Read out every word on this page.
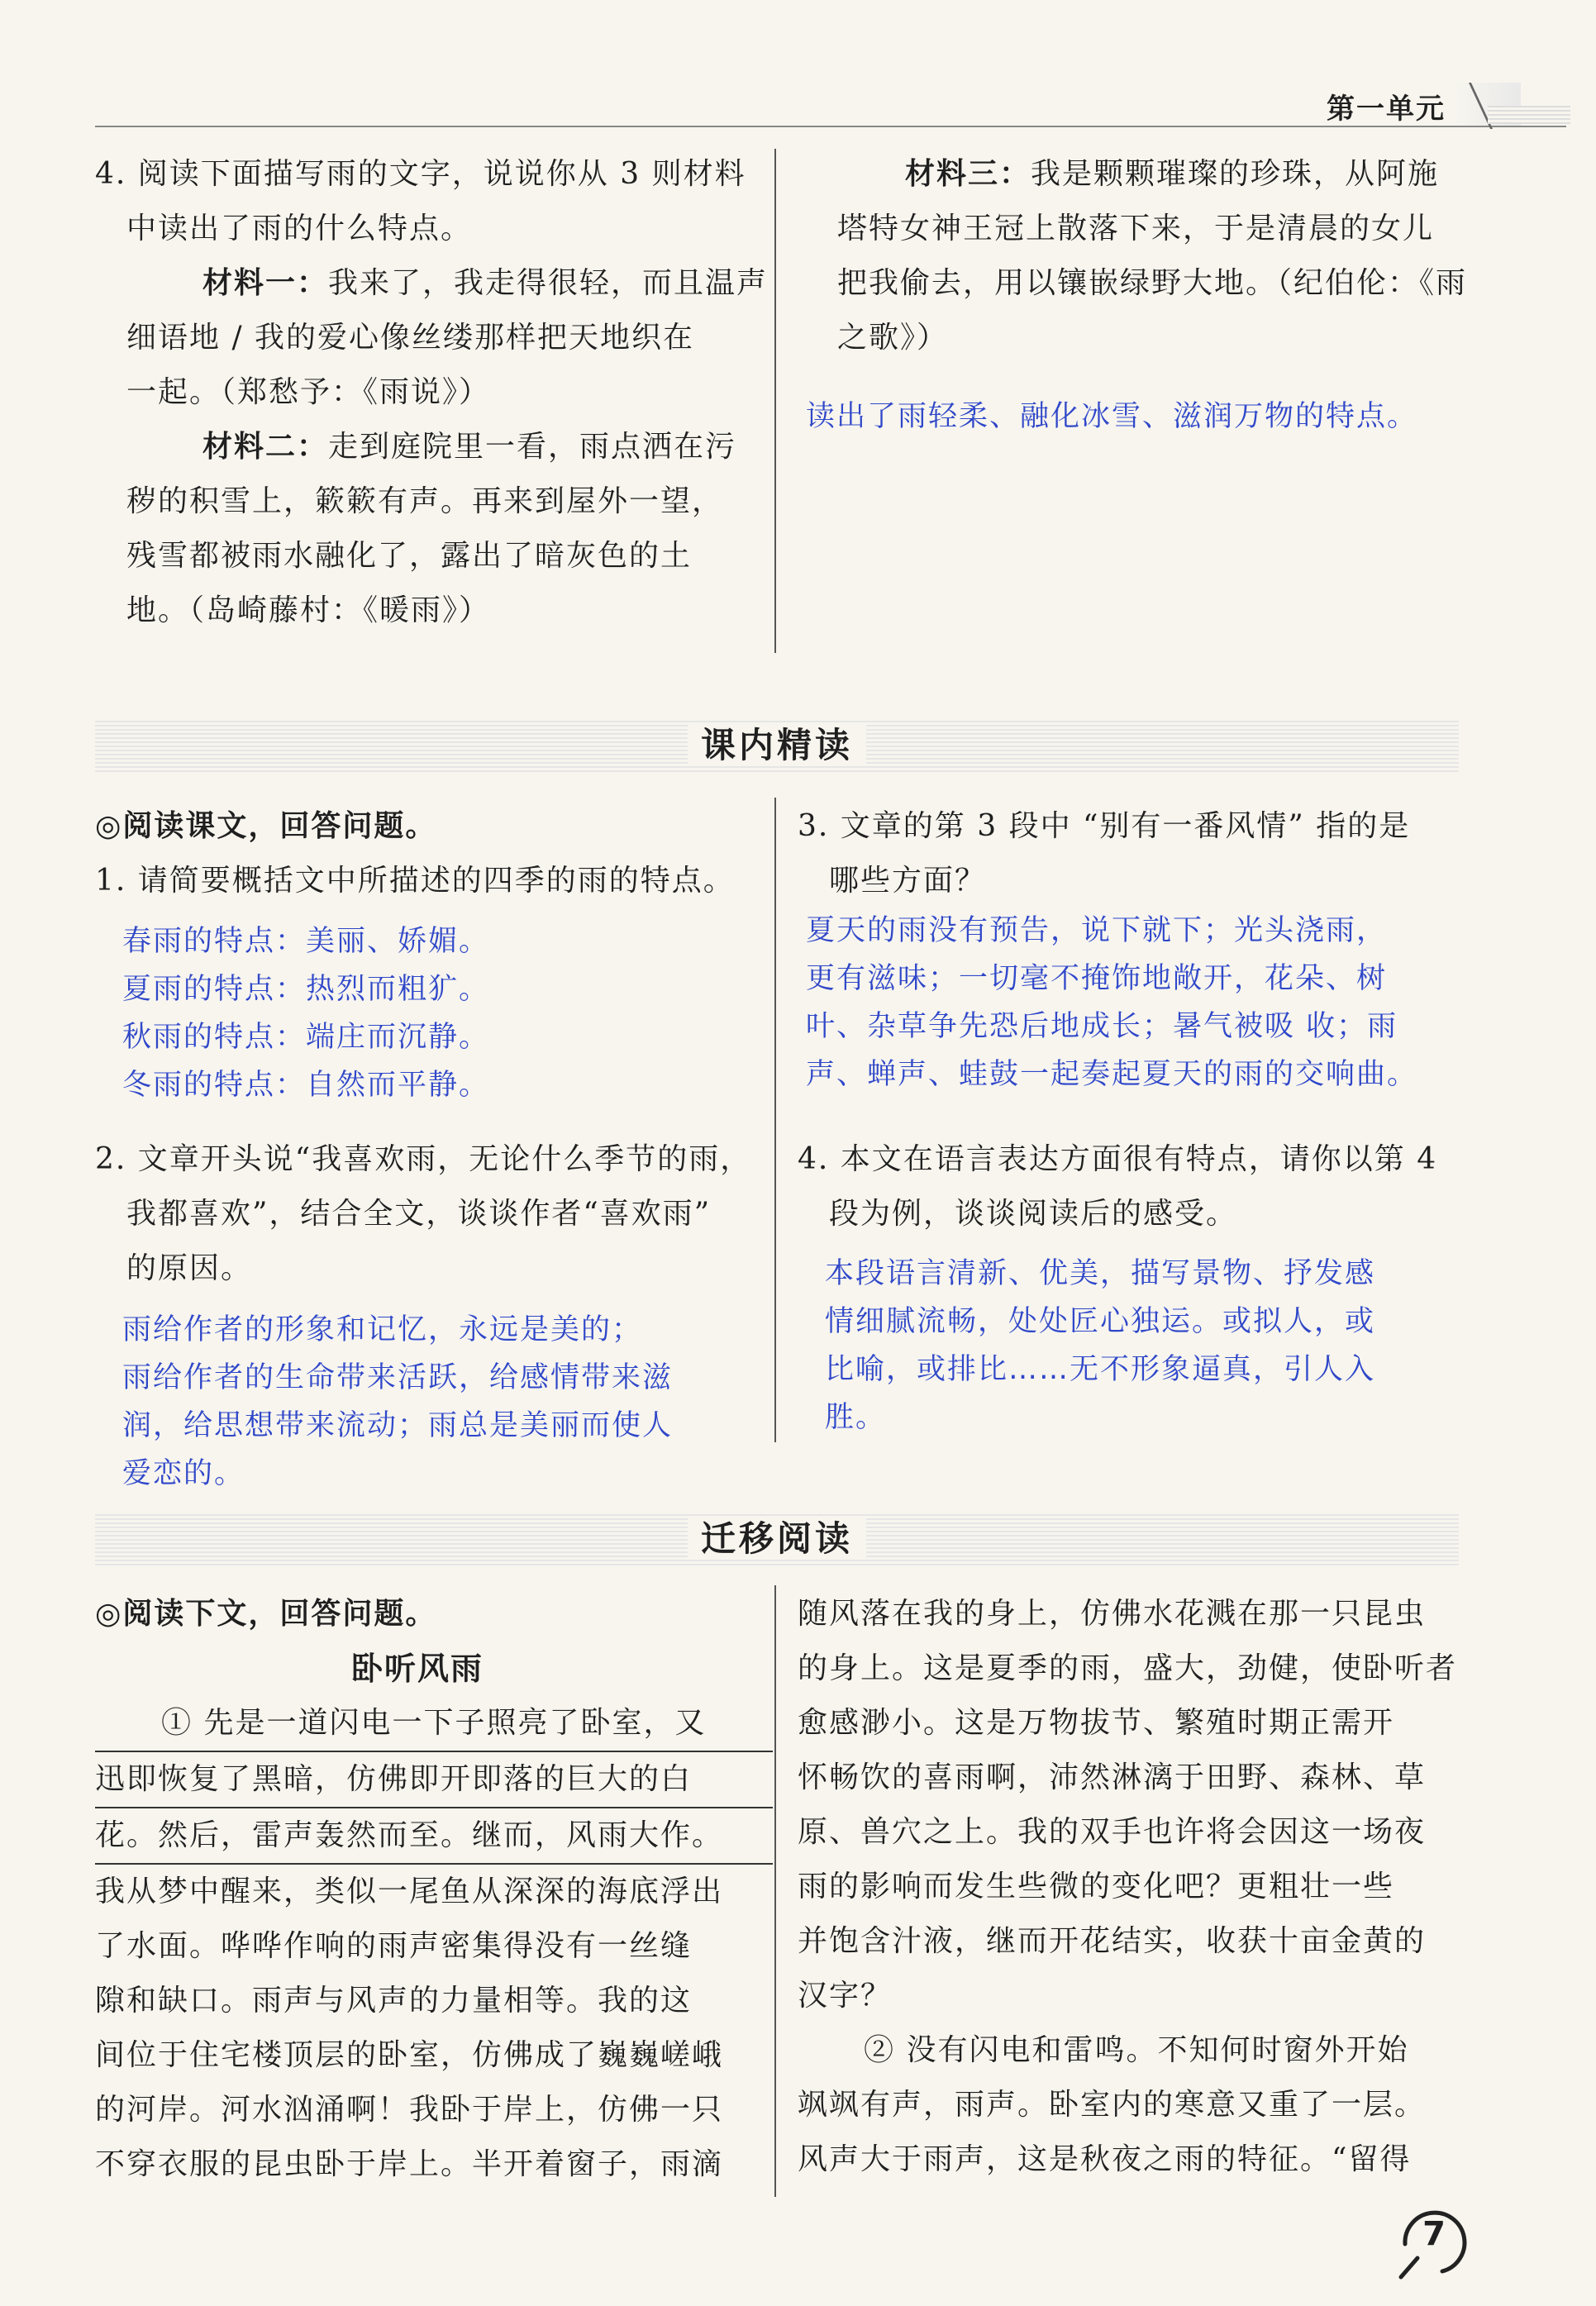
第一单元
4. 阅读下面描写雨的文字，说说你从 3 则材料
中读出了雨的什么特点。
材料一：我来了，我走得很轻，而且温声
细语地 / 我的爱心像丝缕那样把天地织在
一起。（郑愁予：《雨说》）
材料二：走到庭院里一看，雨点洒在污
秽的积雪上，簌簌有声。再来到屋外一望，
残雪都被雨水融化了，露出了暗灰色的土
地。（岛崎藤村：《暖雨》）
材料三：我是颗颗璀璨的珍珠，从阿施
塔特女神王冠上散落下来，于是清晨的女儿
把我偷去，用以镶嵌绿野大地。（纪伯伦：《雨
之歌》）
读出了雨轻柔、融化冰雪、滋润万物的特点。
课内精读
◎阅读课文，回答问题。
1. 请简要概括文中所描述的四季的雨的特点。
春雨的特点：美丽、娇媚。
夏雨的特点：热烈而粗犷。
秋雨的特点：端庄而沉静。
冬雨的特点：自然而平静。
2. 文章开头说“我喜欢雨，无论什么季节的雨，
我都喜欢”，结合全文，谈谈作者“喜欢雨”
的原因。
雨给作者的形象和记忆，永远是美的；
雨给作者的生命带来活跃，给感情带来滋
润，给思想带来流动；雨总是美丽而使人
爱恋的。
3. 文章的第 3 段中 “别有一番风情” 指的是
哪些方面？
夏天的雨没有预告，说下就下；光头浇雨，
更有滋味；一切毫不掩饰地敞开，花朵、树
叶、杂草争先恐后地成长；暑气被吸 收；雨
声、蝉声、蛙鼓一起奏起夏天的雨的交响曲。
4. 本文在语言表达方面很有特点，请你以第 4
段为例，谈谈阅读后的感受。
本段语言清新、优美，描写景物、抒发感
情细腻流畅，处处匠心独运。或拟人，或
比喻，或排比……无不形象逼真，引人入
胜。
迁移阅读
◎阅读下文，回答问题。
卧听风雨
① 先是一道闪电一下子照亮了卧室，又
迅即恢复了黑暗，仿佛即开即落的巨大的白
花。然后，雷声轰然而至。继而，风雨大作。
我从梦中醒来，类似一尾鱼从深深的海底浮出
了水面。哗哗作响的雨声密集得没有一丝缝
隙和缺口。雨声与风声的力量相等。我的这
间位于住宅楼顶层的卧室，仿佛成了巍巍嵯峨
的河岸。河水汹涌啊！我卧于岸上，仿佛一只
不穿衣服的昆虫卧于岸上。半开着窗子，雨滴
随风落在我的身上，仿佛水花溅在那一只昆虫
的身上。这是夏季的雨，盛大，劲健，使卧听者
愈感渺小。这是万物拔节、繁殖时期正需开
怀畅饮的喜雨啊，沛然淋漓于田野、森林、草
原、兽穴之上。我的双手也许将会因这一场夜
雨的影响而发生些微的变化吧？更粗壮一些
并饱含汁液，继而开花结实，收获十亩金黄的
汉字？
② 没有闪电和雷鸣。不知何时窗外开始
飒飒有声，雨声。卧室内的寒意又重了一层。
风声大于雨声，这是秋夜之雨的特征。“留得
7
